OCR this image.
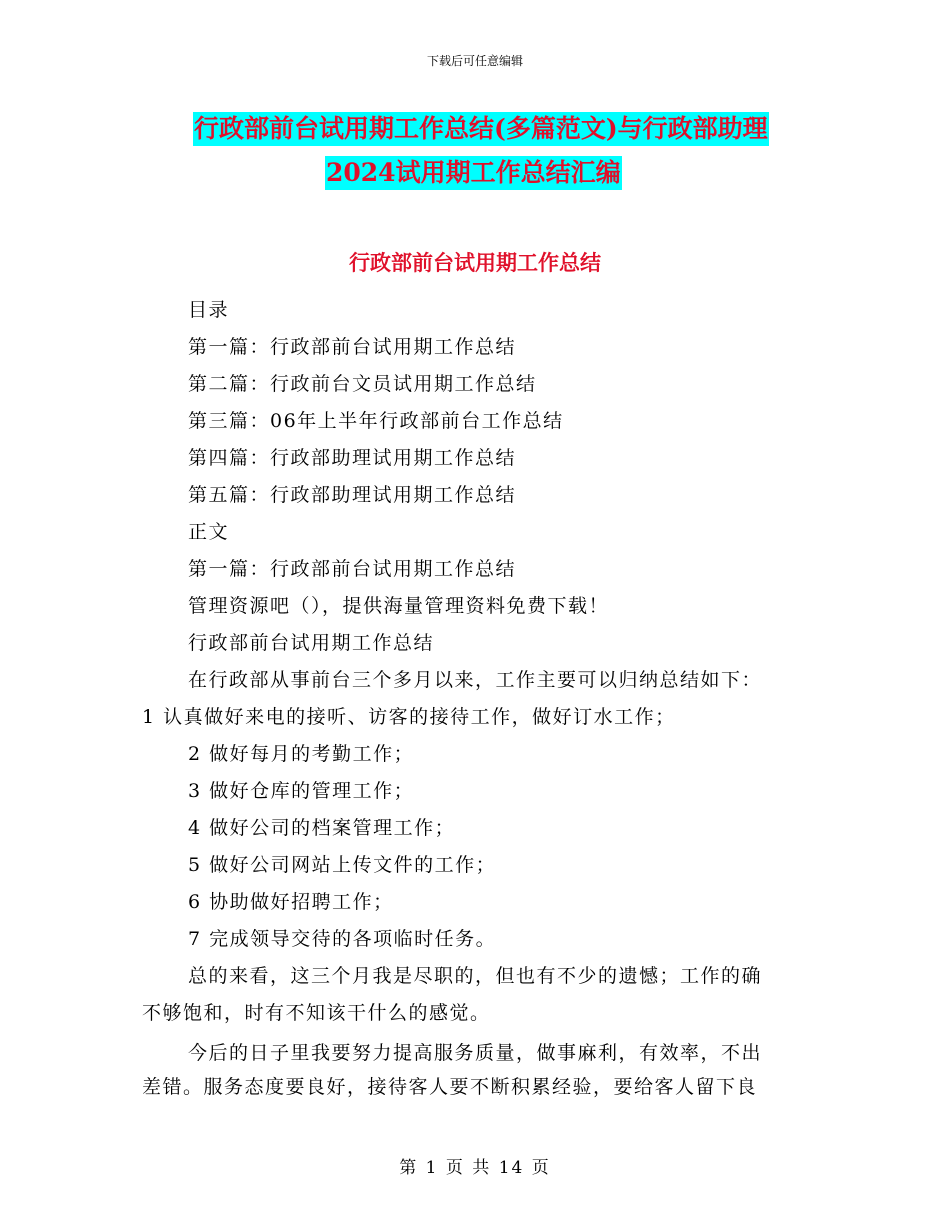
下载后可任意编辑
行政部前台试用期工作总结(多篇范文)与行政部助理
2024试用期工作总结汇编
行政部前台试用期工作总结
目录
第一篇：行政部前台试用期工作总结
第二篇：行政前台文员试用期工作总结
第三篇：06年上半年行政部前台工作总结
第四篇：行政部助理试用期工作总结
第五篇：行政部助理试用期工作总结
正文
第一篇：行政部前台试用期工作总结
管理资源吧（），提供海量管理资料免费下载！
行政部前台试用期工作总结
在行政部从事前台三个多月以来，工作主要可以归纳总结如下：
1 认真做好来电的接听、访客的接待工作，做好订水工作；
2 做好每月的考勤工作；
3 做好仓库的管理工作；
4 做好公司的档案管理工作；
5 做好公司网站上传文件的工作；
6 协助做好招聘工作；
7 完成领导交待的各项临时任务。
总的来看，这三个月我是尽职的，但也有不少的遗憾；工作的确
不够饱和，时有不知该干什么的感觉。
今后的日子里我要努力提高服务质量，做事麻利，有效率，不出
差错。服务态度要良好，接待客人要不断积累经验，要给客人留下良
第 1 页 共 14 页
